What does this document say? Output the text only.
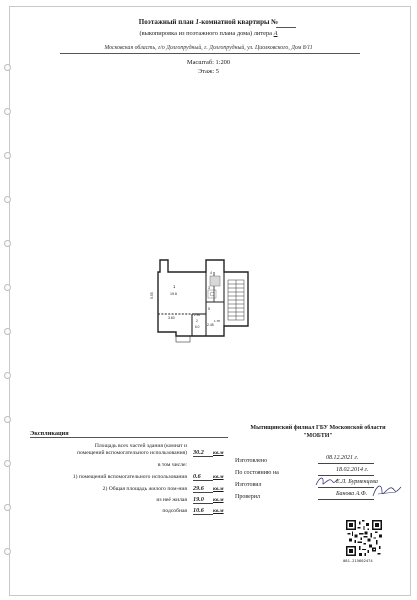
Поэтажный план 1-комнатной квартиры №
(выкопировка из поэтажного плана дома) литера А
Московская область, г/о Долгопрудный, г. Долгопрудный, ул. Циолковского, Дом 8/11
Масштаб: 1:200
Этаж: 5
1
19.6
5.55
3.60
4
3
2
6.0
5
2.90
2.45
1.78
Экспликация
Площадь всех частей здания (комнат и
помещений вспомогательного использования) 30.2	кв.м
в том числе:
1) помещений вспомогательного использования 0.6	кв.м
2) Общая площадь жилого пом-ния 29.6	кв.м
из неё жилая 19.0	кв.м
подсобная 10.6	кв.м
Мытищинский филиал ГБУ Московской области
"МОБТИ"
Изготовлено	08.12.2021 г.
По состоянию на	18.02.2014 г.
Изготовил	Е.Л. Бурменцева
Проверил	Банова А.Ф.
081-215602474
